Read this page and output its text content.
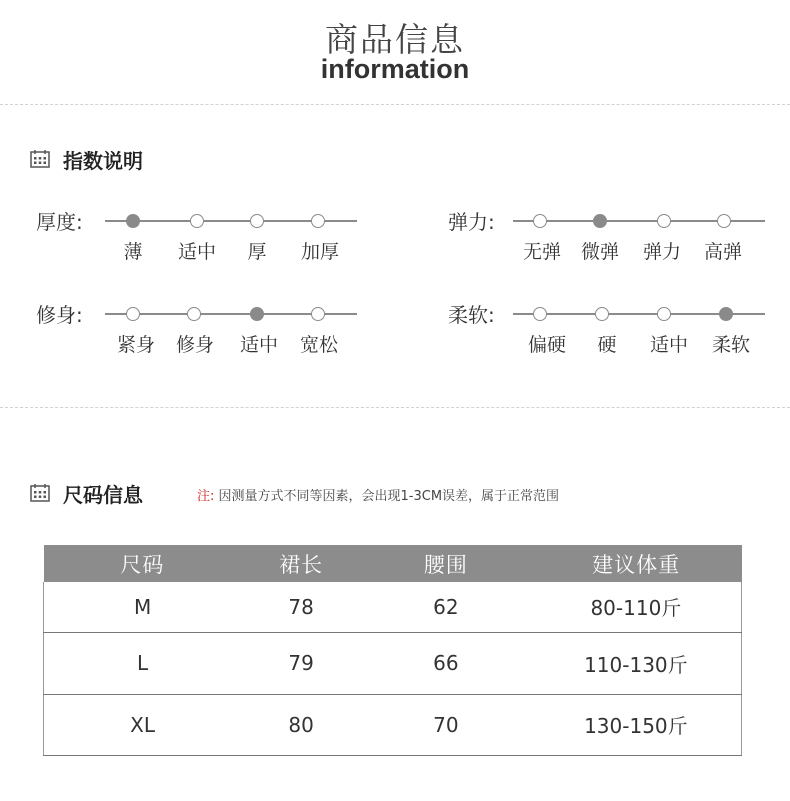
商品信息
information
指数说明
厚度:
薄	适中	厚	加厚
弹力:
无弹	微弹	弹力	高弹
修身:
紧身	修身	适中	宽松
柔软:
偏硬	硬	适中	柔软
尺码信息	注: 因测量方式不同等因素，会出现1-3CM误差，属于正常范围
尺码	裙长	腰围	建议体重
M	78	62	80-110斤
L	79	66	110-130斤
XL	80	70	130-150斤
